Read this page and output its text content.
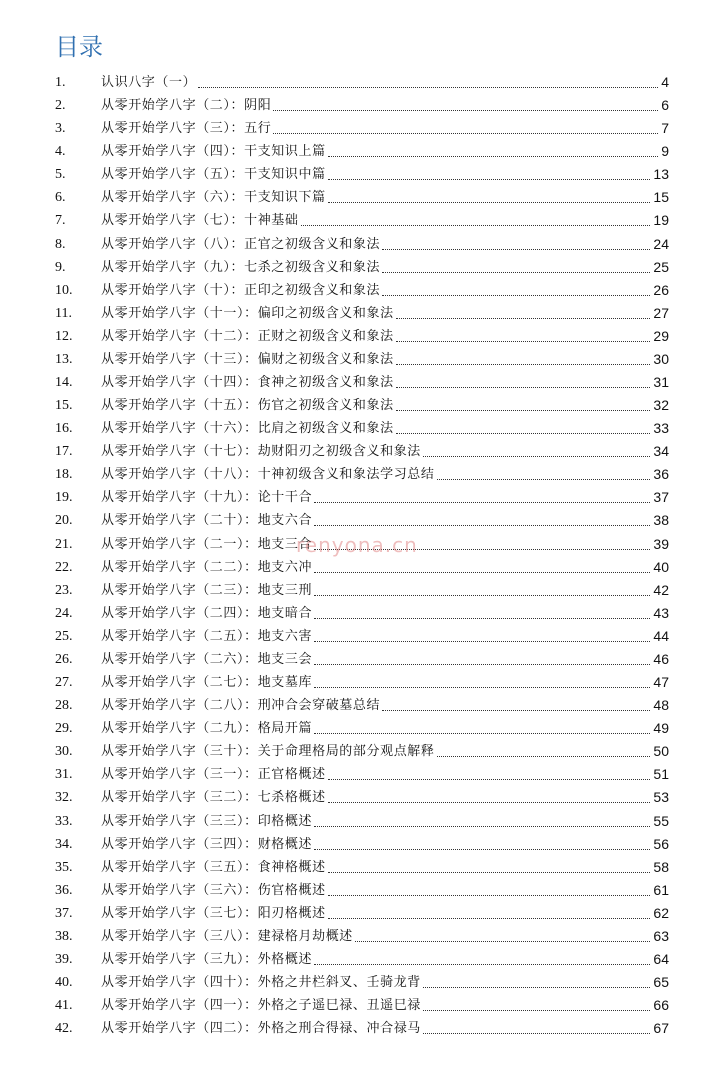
目录
1.	认识八字（一）	4
2.	从零开始学八字（二）：阴阳	6
3.	从零开始学八字（三）：五行	7
4.	从零开始学八字（四）：干支知识上篇	9
5.	从零开始学八字（五）：干支知识中篇	13
6.	从零开始学八字（六）：干支知识下篇	15
7.	从零开始学八字（七）：十神基础	19
8.	从零开始学八字（八）：正官之初级含义和象法	24
9.	从零开始学八字（九）：七杀之初级含义和象法	25
10. 从零开始学八字（十）：正印之初级含义和象法	26
11. 从零开始学八字（十一）：偏印之初级含义和象法	27
12. 从零开始学八字（十二）：正财之初级含义和象法	29
13. 从零开始学八字（十三）：偏财之初级含义和象法	30
14. 从零开始学八字（十四）：食神之初级含义和象法	31
15. 从零开始学八字（十五）：伤官之初级含义和象法	32
16. 从零开始学八字（十六）：比肩之初级含义和象法	33
17. 从零开始学八字（十七）：劫财阳刃之初级含义和象法	34
18. 从零开始学八字（十八）：十神初级含义和象法学习总结	36
19. 从零开始学八字（十九）：论十干合	37
20. 从零开始学八字（二十）：地支六合	38
21. 从零开始学八字（二一）：地支三合	39
22. 从零开始学八字（二二）：地支六冲	40
23. 从零开始学八字（二三）：地支三刑	42
24. 从零开始学八字（二四）：地支暗合	43
25. 从零开始学八字（二五）：地支六害	44
26. 从零开始学八字（二六）：地支三会	46
27. 从零开始学八字（二七）：地支墓库	47
28. 从零开始学八字（二八）：刑冲合会穿破墓总结	48
29. 从零开始学八字（二九）：格局开篇	49
30. 从零开始学八字（三十）：关于命理格局的部分观点解释	50
31. 从零开始学八字（三一）：正官格概述	51
32. 从零开始学八字（三二）：七杀格概述	53
33. 从零开始学八字（三三）：印格概述	55
34. 从零开始学八字（三四）：财格概述	56
35. 从零开始学八字（三五）：食神格概述	58
36. 从零开始学八字（三六）：伤官格概述	61
37. 从零开始学八字（三七）：阳刃格概述	62
38. 从零开始学八字（三八）：建禄格月劫概述	63
39. 从零开始学八字（三九）：外格概述	64
40. 从零开始学八字（四十）：外格之井栏斜叉、壬骑龙背	65
41. 从零开始学八字（四一）：外格之子遥巳禄、丑遥巳禄	66
42. 从零开始学八字（四二）：外格之刑合得禄、冲合禄马	67
renyona.cn
